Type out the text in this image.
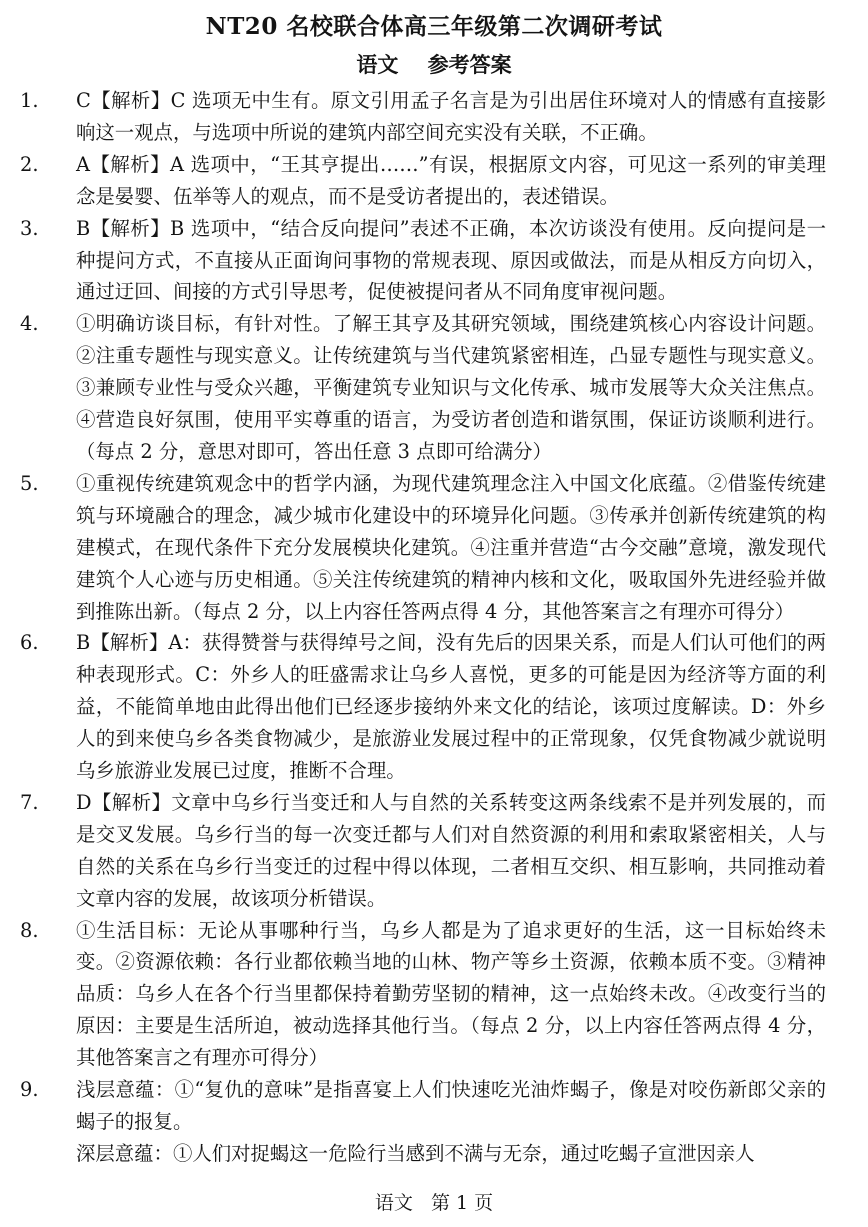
NT20 名校联合体高三年级第二次调研考试
语文    参考答案
1.	C【解析】C 选项无中生有。原文引用孟子名言是为引出居住环境对人的情感有直接影响这一观点，与选项中所说的建筑内部空间充实没有关联，不正确。

2.	A【解析】A 选项中，“王其亨提出……”有误，根据原文内容，可见这一系列的审美理念是晏婴、伍举等人的观点，而不是受访者提出的，表述错误。

3.	B【解析】B 选项中，“结合反向提问”表述不正确，本次访谈没有使用。反向提问是一种提问方式，不直接从正面询问事物的常规表现、原因或做法，而是从相反方向切入，通过迂回、间接的方式引导思考，促使被提问者从不同角度审视问题。

4.	①明确访谈目标，有针对性。了解王其亨及其研究领域，围绕建筑核心内容设计问题。②注重专题性与现实意义。让传统建筑与当代建筑紧密相连，凸显专题性与现实意义。③兼顾专业性与受众兴趣，平衡建筑专业知识与文化传承、城市发展等大众关注焦点。④营造良好氛围，使用平实尊重的语言，为受访者创造和谐氛围，保证访谈顺利进行。（每点 2 分，意思对即可，答出任意 3 点即可给满分）

5.	①重视传统建筑观念中的哲学内涵，为现代建筑理念注入中国文化底蕴。②借鉴传统建筑与环境融合的理念，减少城市化建设中的环境异化问题。③传承并创新传统建筑的构建模式，在现代条件下充分发展模块化建筑。④注重并营造“古今交融”意境，激发现代建筑个人心迹与历史相通。⑤关注传统建筑的精神内核和文化，吸取国外先进经验并做到推陈出新。（每点 2 分，以上内容任答两点得 4 分，其他答案言之有理亦可得分）

6.	B【解析】A：获得赞誉与获得绰号之间，没有先后的因果关系，而是人们认可他们的两种表现形式。C：外乡人的旺盛需求让乌乡人喜悦，更多的可能是因为经济等方面的利益，不能简单地由此得出他们已经逐步接纳外来文化的结论，该项过度解读。D：外乡人的到来使乌乡各类食物减少，是旅游业发展过程中的正常现象，仅凭食物减少就说明乌乡旅游业发展已过度，推断不合理。

7.	D【解析】文章中乌乡行当变迁和人与自然的关系转变这两条线索不是并列发展的，而是交叉发展。乌乡行当的每一次变迁都与人们对自然资源的利用和索取紧密相关，人与自然的关系在乌乡行当变迁的过程中得以体现，二者相互交织、相互影响，共同推动着文章内容的发展，故该项分析错误。

8.	①生活目标：无论从事哪种行当，乌乡人都是为了追求更好的生活，这一目标始终未变。②资源依赖：各行业都依赖当地的山林、物产等乡土资源，依赖本质不变。③精神品质：乌乡人在各个行当里都保持着勤劳坚韧的精神，这一点始终未改。④改变行当的原因：主要是生活所迫，被动选择其他行当。（每点 2 分，以上内容任答两点得 4 分，其他答案言之有理亦可得分）

9.	浅层意蕴：①“复仇的意味”是指喜宴上人们快速吃光油炸蝎子，像是对咬伤新郎父亲的蝎子的报复。

深层意蕴：①人们对捉蝎这一危险行当感到不满与无奈，通过吃蝎子宣泄因亲人

语文   第 1 页
